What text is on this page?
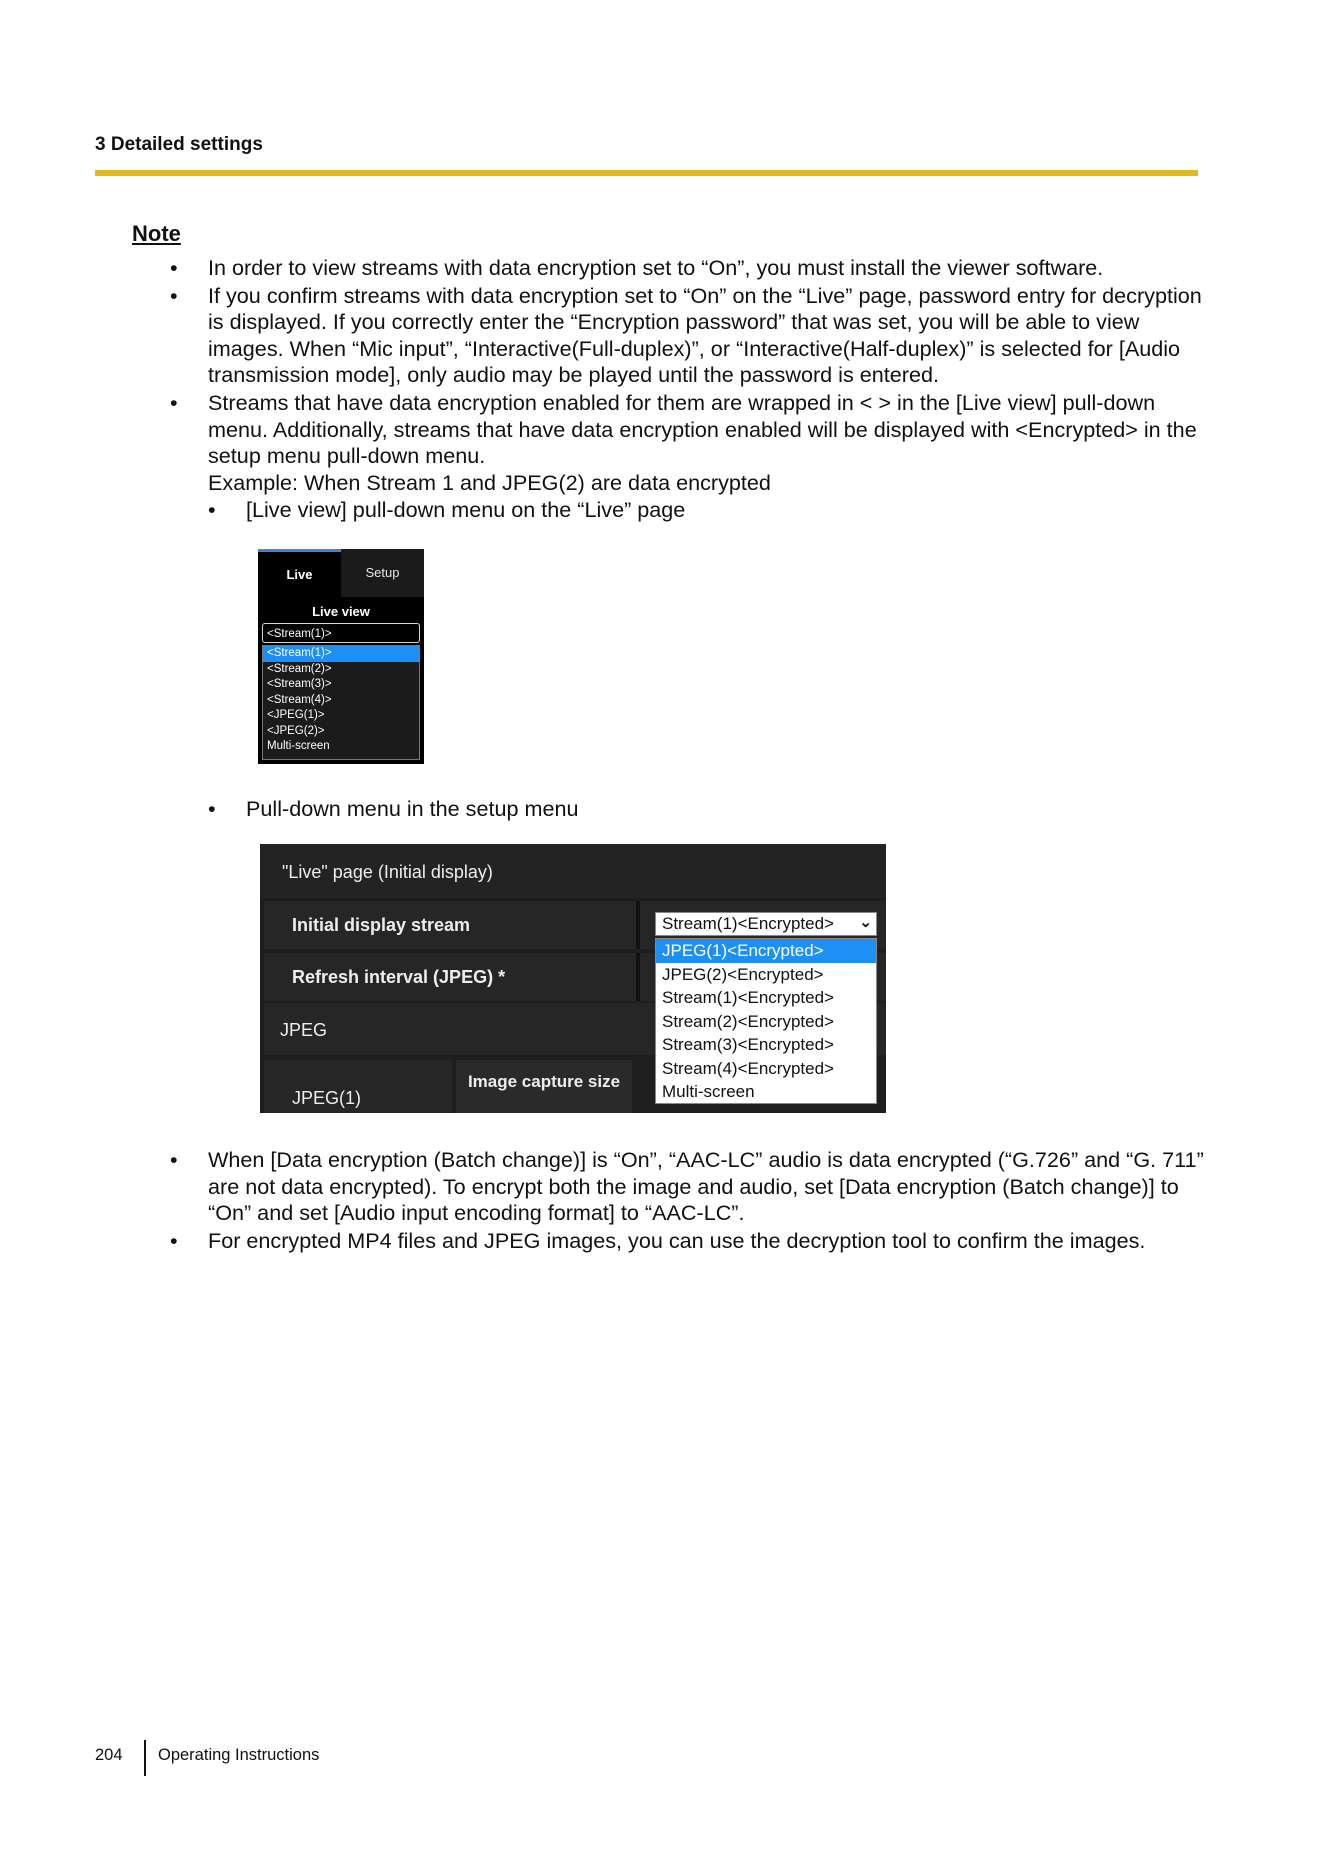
3 Detailed settings
Note
• In order to view streams with data encryption set to “On”, you must install the viewer software.
• If you confirm streams with data encryption set to “On” on the “Live” page, password entry for decryption is displayed. If you correctly enter the “Encryption password” that was set, you will be able to view images. When “Mic input”, “Interactive(Full-duplex)”, or “Interactive(Half-duplex)” is selected for [Audio transmission mode], only audio may be played until the password is entered.
• Streams that have data encryption enabled for them are wrapped in < > in the [Live view] pull-down menu. Additionally, streams that have data encryption enabled will be displayed with <Encrypted> in the setup menu pull-down menu.
Example: When Stream 1 and JPEG(2) are data encrypted
• [Live view] pull-down menu on the “Live” page
Live	Setup
Live view
<Stream(1)>
<Stream(1)>
<Stream(2)>
<Stream(3)>
<Stream(4)>
<JPEG(1)>
<JPEG(2)>
Multi-screen
• Pull-down menu in the setup menu
"Live" page (Initial display)
Initial display stream
Refresh interval (JPEG) *
JPEG
JPEG(1)
Image capture size
Stream(1)<Encrypted> ⌄
JPEG(1)<Encrypted>
JPEG(2)<Encrypted>
Stream(1)<Encrypted>
Stream(2)<Encrypted>
Stream(3)<Encrypted>
Stream(4)<Encrypted>
Multi-screen
• When [Data encryption (Batch change)] is “On”, “AAC-LC” audio is data encrypted (“G.726” and “G. 711” are not data encrypted). To encrypt both the image and audio, set [Data encryption (Batch change)] to “On” and set [Audio input encoding format] to “AAC-LC”.
• For encrypted MP4 files and JPEG images, you can use the decryption tool to confirm the images.
204 Operating Instructions
